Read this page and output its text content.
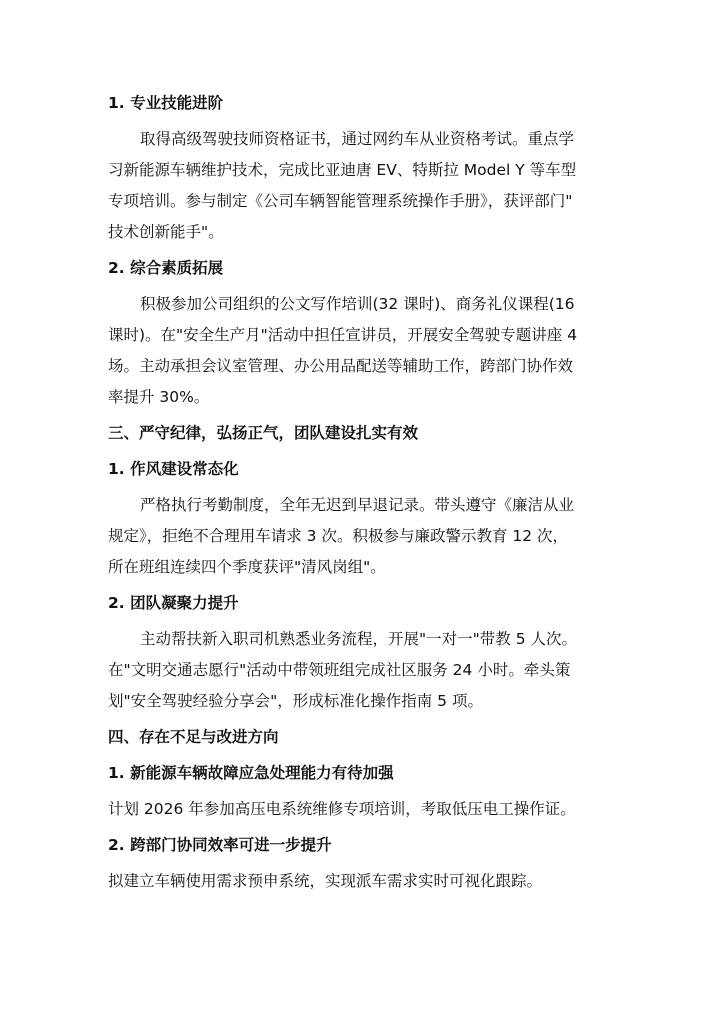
1. 专业技能进阶
取得高级驾驶技师资格证书，通过网约车从业资格考试。重点学
习新能源车辆维护技术，完成比亚迪唐 EV、特斯拉 Model Y 等车型
专项培训。参与制定《公司车辆智能管理系统操作手册》，获评部门"
技术创新能手"。
2. 综合素质拓展
积极参加公司组织的公文写作培训(32 课时)、商务礼仪课程(16
课时)。在"安全生产月"活动中担任宣讲员，开展安全驾驶专题讲座 4
场。主动承担会议室管理、办公用品配送等辅助工作，跨部门协作效
率提升 30%。
三、严守纪律，弘扬正气，团队建设扎实有效
1. 作风建设常态化
严格执行考勤制度，全年无迟到早退记录。带头遵守《廉洁从业
规定》，拒绝不合理用车请求 3 次。积极参与廉政警示教育 12 次，
所在班组连续四个季度获评"清风岗组"。
2. 团队凝聚力提升
主动帮扶新入职司机熟悉业务流程，开展"一对一"带教 5 人次。
在"文明交通志愿行"活动中带领班组完成社区服务 24 小时。牵头策
划"安全驾驶经验分享会"，形成标准化操作指南 5 项。
四、存在不足与改进方向
1. 新能源车辆故障应急处理能力有待加强
计划 2026 年参加高压电系统维修专项培训，考取低压电工操作证。
2. 跨部门协同效率可进一步提升
拟建立车辆使用需求预申系统，实现派车需求实时可视化跟踪。
